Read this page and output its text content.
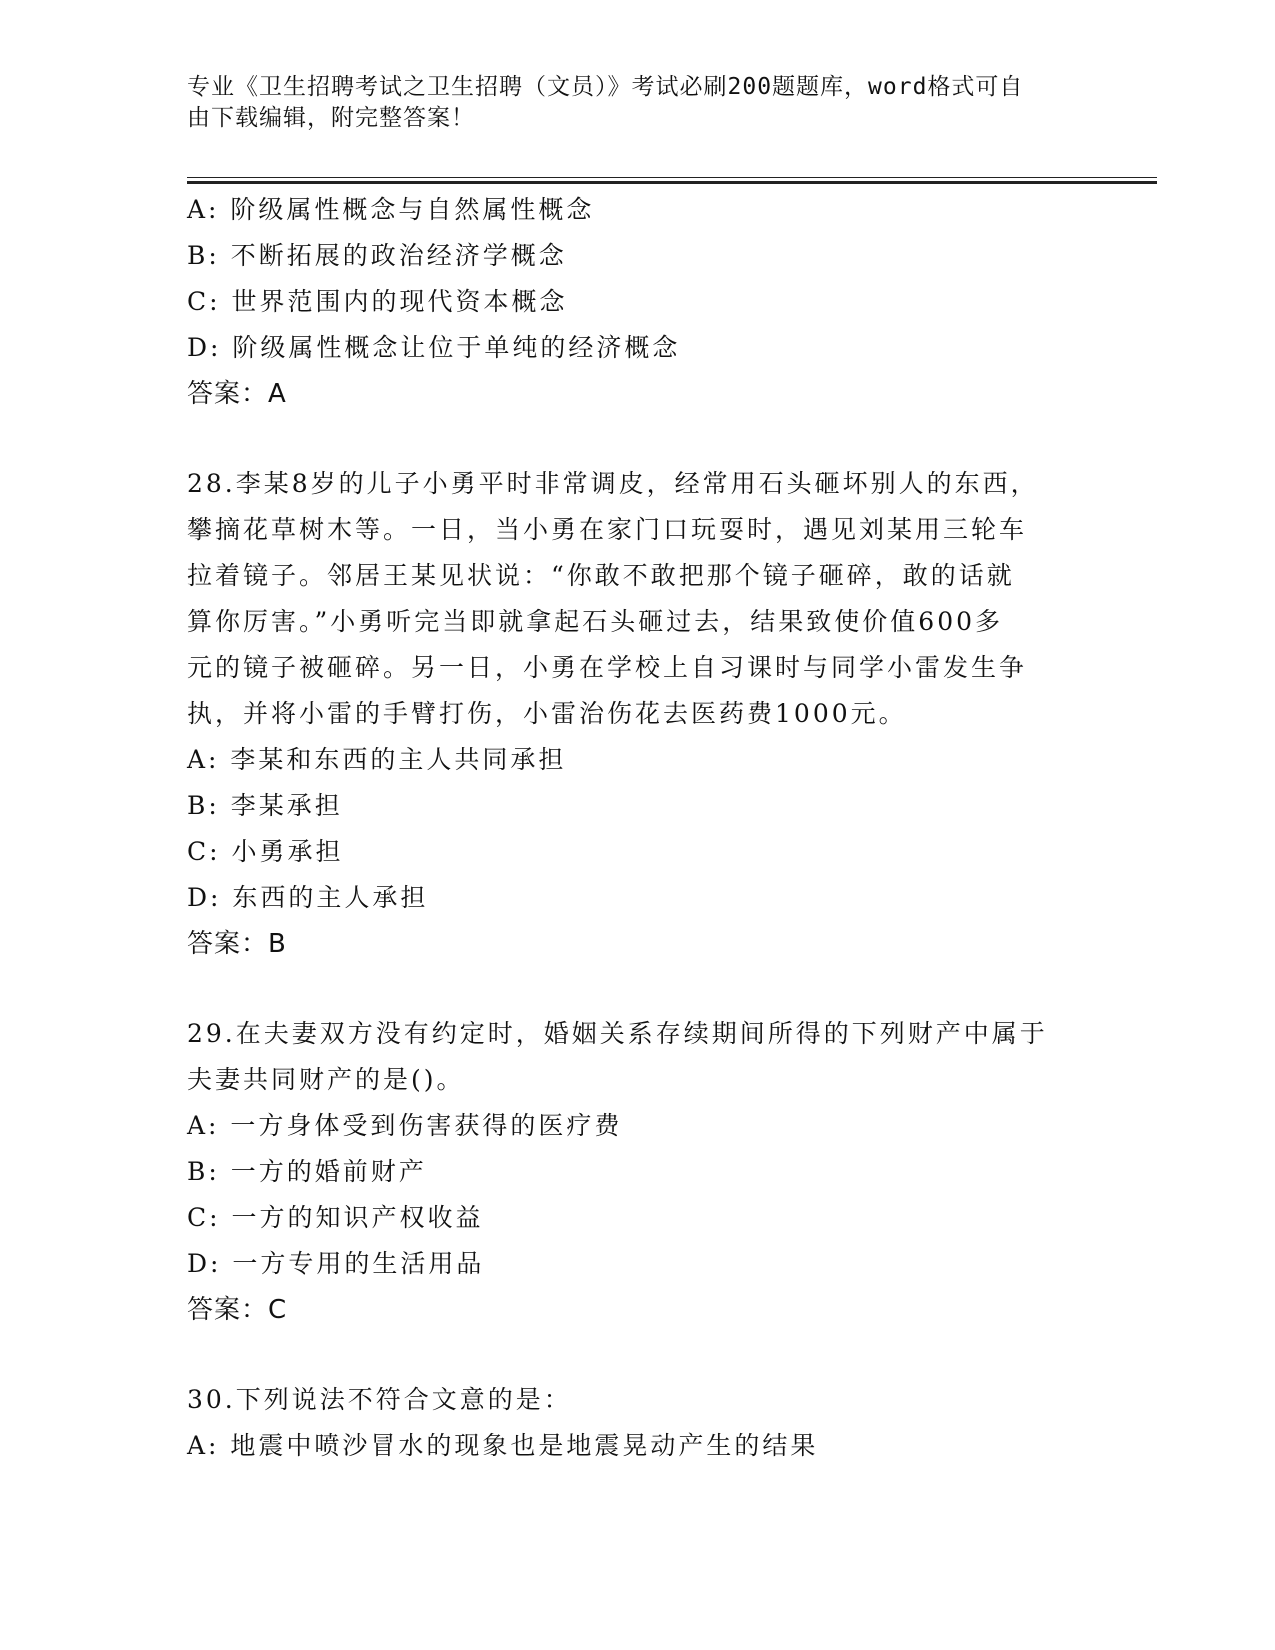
专业《卫生招聘考试之卫生招聘（文员）》考试必刷200题题库，word格式可自
由下载编辑，附完整答案！
A: 阶级属性概念与自然属性概念
B: 不断拓展的政治经济学概念
C: 世界范围内的现代资本概念
D: 阶级属性概念让位于单纯的经济概念
答案：A
28.李某8岁的儿子小勇平时非常调皮，经常用石头砸坏别人的东西，
攀摘花草树木等。一日，当小勇在家门口玩耍时，遇见刘某用三轮车
拉着镜子。邻居王某见状说：“你敢不敢把那个镜子砸碎，敢的话就
算你厉害。”小勇听完当即就拿起石头砸过去，结果致使价值600多
元的镜子被砸碎。另一日，小勇在学校上自习课时与同学小雷发生争
执，并将小雷的手臂打伤，小雷治伤花去医药费1000元。
A: 李某和东西的主人共同承担
B: 李某承担
C: 小勇承担
D: 东西的主人承担
答案：B
29.在夫妻双方没有约定时，婚姻关系存续期间所得的下列财产中属于
夫妻共同财产的是()。
A: 一方身体受到伤害获得的医疗费
B: 一方的婚前财产
C: 一方的知识产权收益
D: 一方专用的生活用品
答案：C
30.下列说法不符合文意的是：
A: 地震中喷沙冒水的现象也是地震晃动产生的结果
